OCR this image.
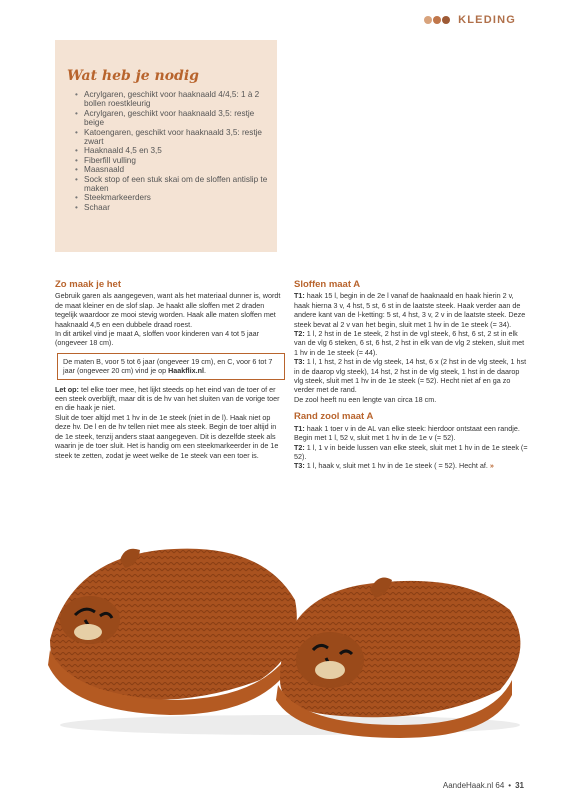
KLEDING
Wat heb je nodig
• Acrylgaren, geschikt voor haaknaald 4/4,5: 1 à 2 bollen roestkleurig
• Acrylgaren, geschikt voor haaknaald 3,5: restje beige
• Katoengaren, geschikt voor haaknaald 3,5: restje zwart
• Haaknaald 4,5 en 3,5
• Fiberfill vulling
• Maasnaald
• Sock stop of een stuk skai om de sloffen antislip te maken
• Steekmarkeerders
• Schaar
Zo maak je het
Gebruik garen als aangegeven, want als het materiaal dunner is, wordt de maat kleiner en de slof slap. Je haakt alle sloffen met 2 draden tegelijk waardoor ze mooi stevig worden. Haak alle maten sloffen met haaknaald 4,5 en een dubbele draad roest.
In dit artikel vind je maat A, sloffen voor kinderen van 4 tot 5 jaar (ongeveer 18 cm).
De maten B, voor 5 tot 6 jaar (ongeveer 19 cm), en C, voor 6 tot 7 jaar (ongeveer 20 cm) vind je op Haakflix.nl.
Let op: tel elke toer mee, het lijkt steeds op het eind van de toer of er een steek overblijft, maar dit is de hv van het sluiten van de vorige toer en die haak je niet.
Sluit de toer altijd met 1 hv in de 1e steek (niet in de l). Haak niet op deze hv. De l en de hv tellen niet mee als steek. Begin de toer altijd in de 1e steek, tenzij anders staat aangegeven. Dit is dezelfde steek als waarin je de toer sluit. Het is handig om een steekmarkeerder in de 1e steek te zetten, zodat je weet welke de 1e steek van een toer is.
Sloffen maat A
T1: haak 15 l, begin in de 2e l vanaf de haaknaald en haak hierin 2 v, haak hierna 3 v, 4 hst, 5 st, 6 st in de laatste steek. Haak verder aan de andere kant van de l-ketting: 5 st, 4 hst, 3 v, 2 v in de laatste steek. Deze steek bevat al 2 v van het begin, sluit met 1 hv in de 1e steek (= 34).
T2: 1 l, 2 hst in de 1e steek, 2 hst in de vgl steek, 6 hst, 6 st, 2 st in elk van de vlg 6 steken, 6 st, 6 hst, 2 hst in elk van de vlg 2 steken, sluit met 1 hv in de 1e steek (= 44).
T3: 1 l, 1 hst, 2 hst in de vlg steek, 14 hst, 6 x (2 hst in de vlg steek, 1 hst in de daarop vlg steek), 14 hst, 2 hst in de vlg steek, 1 hst in de daarop vlg steek, sluit met 1 hv in de 1e steek (= 52). Hecht niet af en ga zo verder met de rand.
De zool heeft nu een lengte van circa 18 cm.
Rand zool maat A
T1: haak 1 toer v in de AL van elke steek: hierdoor ontstaat een randje. Begin met 1 l, 52 v, sluit met 1 hv in de 1e v (= 52).
T2: 1 l, 1 v in beide lussen van elke steek, sluit met 1 hv in de 1e steek (= 52).
T3: 1 l, haak v, sluit met 1 hv in de 1e steek ( = 52). Hecht af. »
AandeHaak.nl 64 • 31
